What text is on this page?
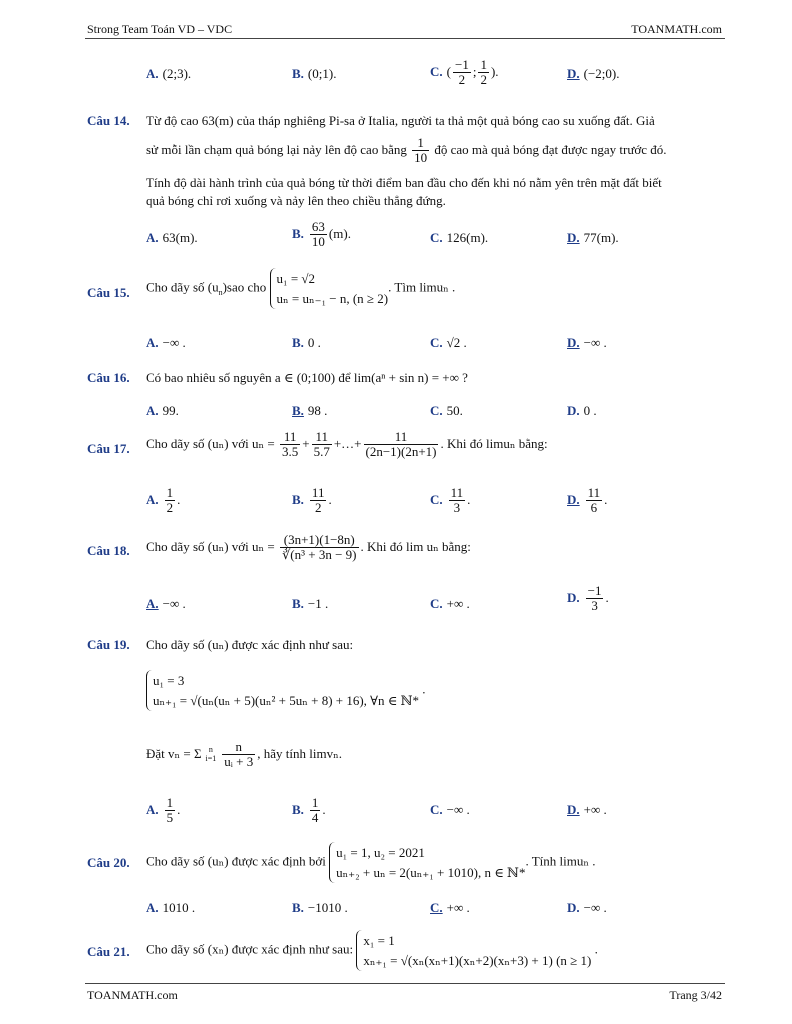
Strong Team Toán VD – VDC	TOANMATH.com
A. (2;3).	B. (0;1).	C. ( $\frac{-1}{2}$ ; $\frac{1}{2}$ ).	D. (−2;0).
Câu 14. Từ độ cao 63(m) của tháp nghiêng Pi-sa ở Italia, người ta thả một quả bóng cao su xuống đất. Giả
sử mỗi lần chạm quả bóng lại nảy lên độ cao bằng $\frac{1}{10}$ độ cao mà quả bóng đạt được ngay trước đó.
Tính độ dài hành trình của quả bóng từ thời điểm ban đầu cho đến khi nó nằm yên trên mặt đất biết
quả bóng chỉ rơi xuống và nảy lên theo chiều thẳng đứng.
A. 63(m).	B. $\frac{63}{10} (m)$.	C. 126(m).	D. 77(m).
Câu 15. Cho dãy số $(u_n)sao$ cho u₁ = √2
uₙ = uₙ₋₁ − n, (n ≥ 2). Tìm limuₙ .
A. −∞ .	B. 0 .	C. √2 .	D. −∞ .
Câu 16. Có bao nhiêu số nguyên a ∈ (0;100) để lim(aⁿ + sin n) = +∞ ?
A. 99.	B. 98 .	C. 50.	D. 0 .
Câu 17. Cho dãy số (uₙ) với $u_n = \frac{11}{3.5} + \frac{11}{5.7}$ +…+ $\frac{11}{(2n-1)(2n+1)}$ . Khi đó limuₙ bằng:
A. $\frac{1}{2}$ .	B. $\frac{11}{2}$ .	C. $\frac{11}{3}$ .	D. $\frac{11}{6}$ .
Câu 18. Cho dãy số (uₙ) với $u_n = \frac{(3n+1)(1-8n)}{\text{∛(n³ + 3n − 9)}}$ . Khi đó lim uₙ bằng:
A. −∞ .	B. −1 .	C. +∞ .	D. $\frac{-1}{3}$ .
Câu 19. Cho dãy số (uₙ) được xác định như sau:
u₁ = 3
uₙ₊₁ = √(uₙ(uₙ + 5)(uₙ² + 5uₙ + 8) + 16), ∀n ∈ ℕ* .
Đặt vₙ = Σ n
$i=1 \frac{n}{\text{uᵢ + 3}}$ , hãy tính limvₙ.
A. $\frac{1}{5}$ .	B. $\frac{1}{4}$ .	C. −∞ .	D. +∞ .
Câu 20. Cho dãy số (uₙ) được xác định bởi u₁ = 1, u₂ = 2021
uₙ₊₂ + uₙ = 2(uₙ₊₁ + 1010), n ∈ ℕ*. Tính limuₙ .
A. 1010 .	B. −1010 .	C. +∞ .	D. −∞ .
Câu 21. Cho dãy số (xₙ) được xác định như sau: x₁ = 1
xₙ₊₁ = √(xₙ(xₙ+1)(xₙ+2)(xₙ+3) + 1) (n ≥ 1) .
TOANMATH.com	Trang 3/42
